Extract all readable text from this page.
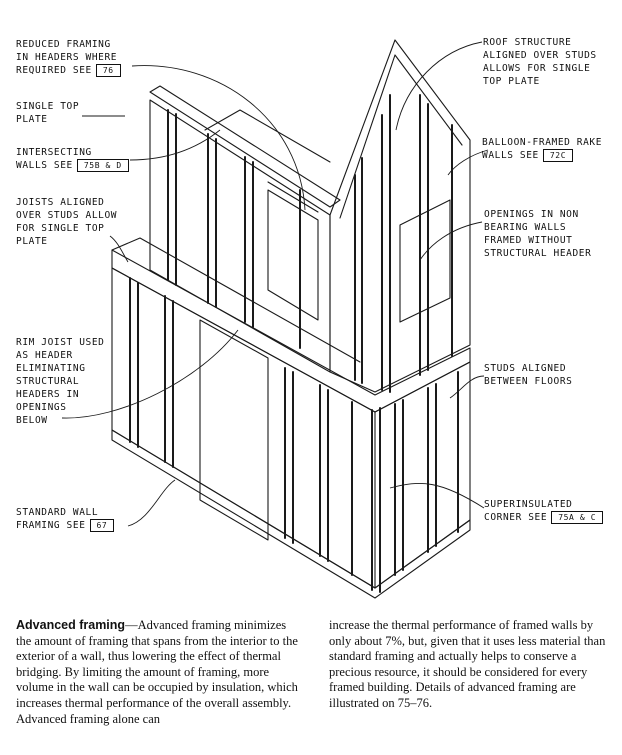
REDUCED FRAMING
IN HEADERS WHERE
REQUIRED SEE 76
SINGLE TOP
PLATE
INTERSECTING
WALLS SEE 75B & D
JOISTS ALIGNED
OVER STUDS ALLOW
FOR SINGLE TOP
PLATE
RIM JOIST USED
AS HEADER
ELIMINATING
STRUCTURAL
HEADERS IN
OPENINGS
BELOW
STANDARD WALL
FRAMING SEE 67
ROOF STRUCTURE
ALIGNED OVER STUDS
ALLOWS FOR SINGLE
TOP PLATE
BALLOON-FRAMED RAKE
WALLS SEE 72C
OPENINGS IN NON
BEARING WALLS
FRAMED WITHOUT
STRUCTURAL HEADER
STUDS ALIGNED
BETWEEN FLOORS
SUPERINSULATED
CORNER SEE 75A & C
Advanced framing—Advanced framing minimizes the amount of framing that spans from the interior to the exterior of a wall, thus lowering the effect of thermal bridging. By limiting the amount of framing, more volume in the wall can be occupied by insulation, which increases thermal performance of the overall assembly. Advanced framing alone can
increase the thermal performance of framed walls by only about 7%, but, given that it uses less material than standard framing and actually helps to conserve a precious resource, it should be considered for every framed building. Details of advanced framing are illustrated on 75–76.
